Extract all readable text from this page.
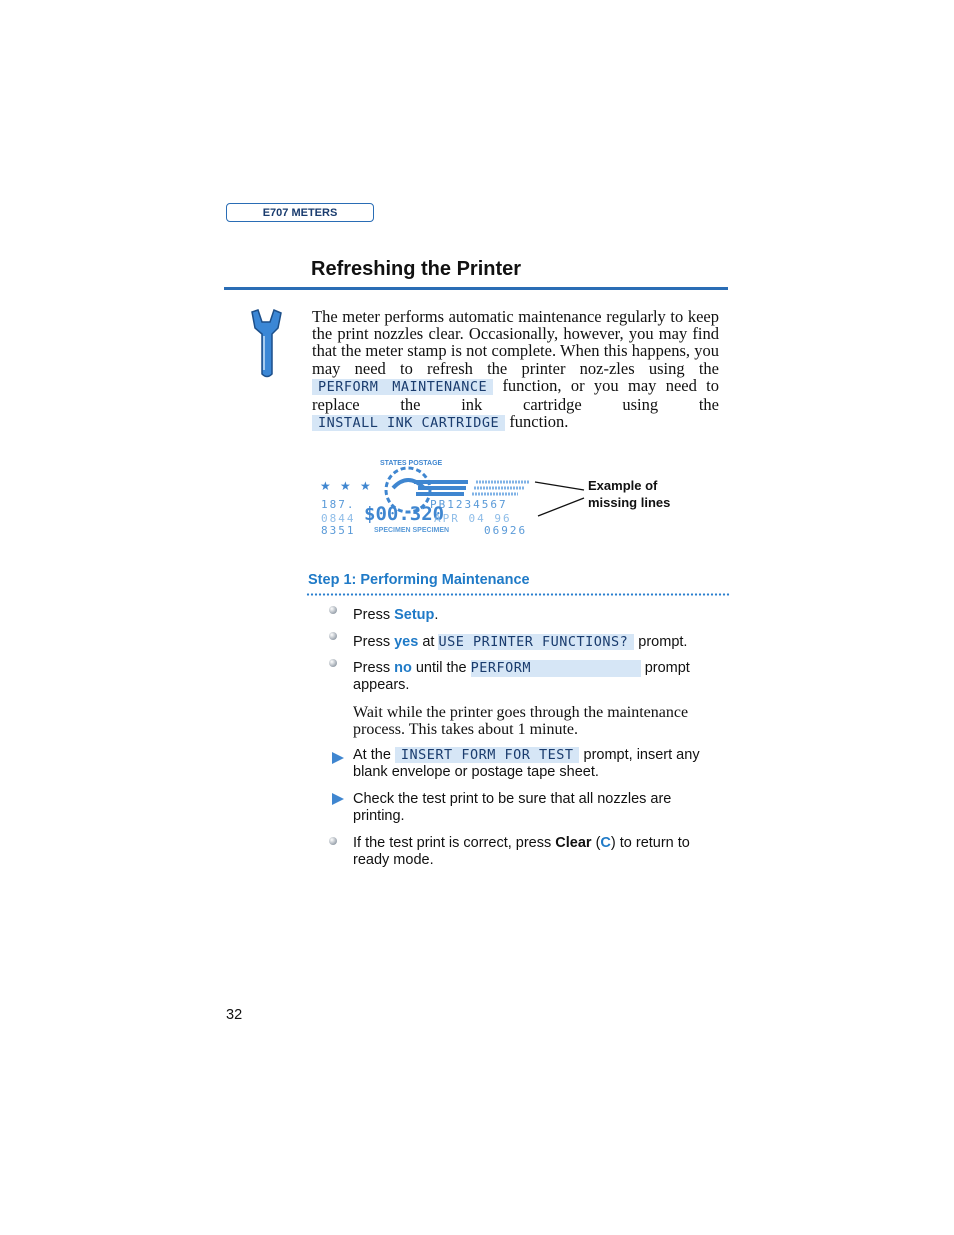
E707 METERS
Refreshing the Printer
The meter performs automatic maintenance regularly to keep the print nozzles clear. Occasionally, however, you may find that the meter stamp is not complete. When this happens, you may need to refresh the printer noz-zles using the PERFORM MAINTENANCE function, or you may need to replace the ink cartridge using the INSTALL INK CARTRIDGE function.
★ ★ ★
STATES POSTAGE
187.	PB1234567
0844 $00.320
APR 04 96
8351	SPECIMEN SPECIMEN	06926
Example of
missing lines
Step 1: Performing Maintenance
Press Setup.
Press yes at USE PRINTER FUNCTIONS? prompt.
Press no until the PERFORM	prompt
appears.
Wait while the printer goes through the maintenance process. This takes about 1 minute.
At the INSERT FORM FOR TEST prompt, insert any blank envelope or postage tape sheet.
Check the test print to be sure that all nozzles are printing.
If the test print is correct, press Clear (C) to return to ready mode.
32
